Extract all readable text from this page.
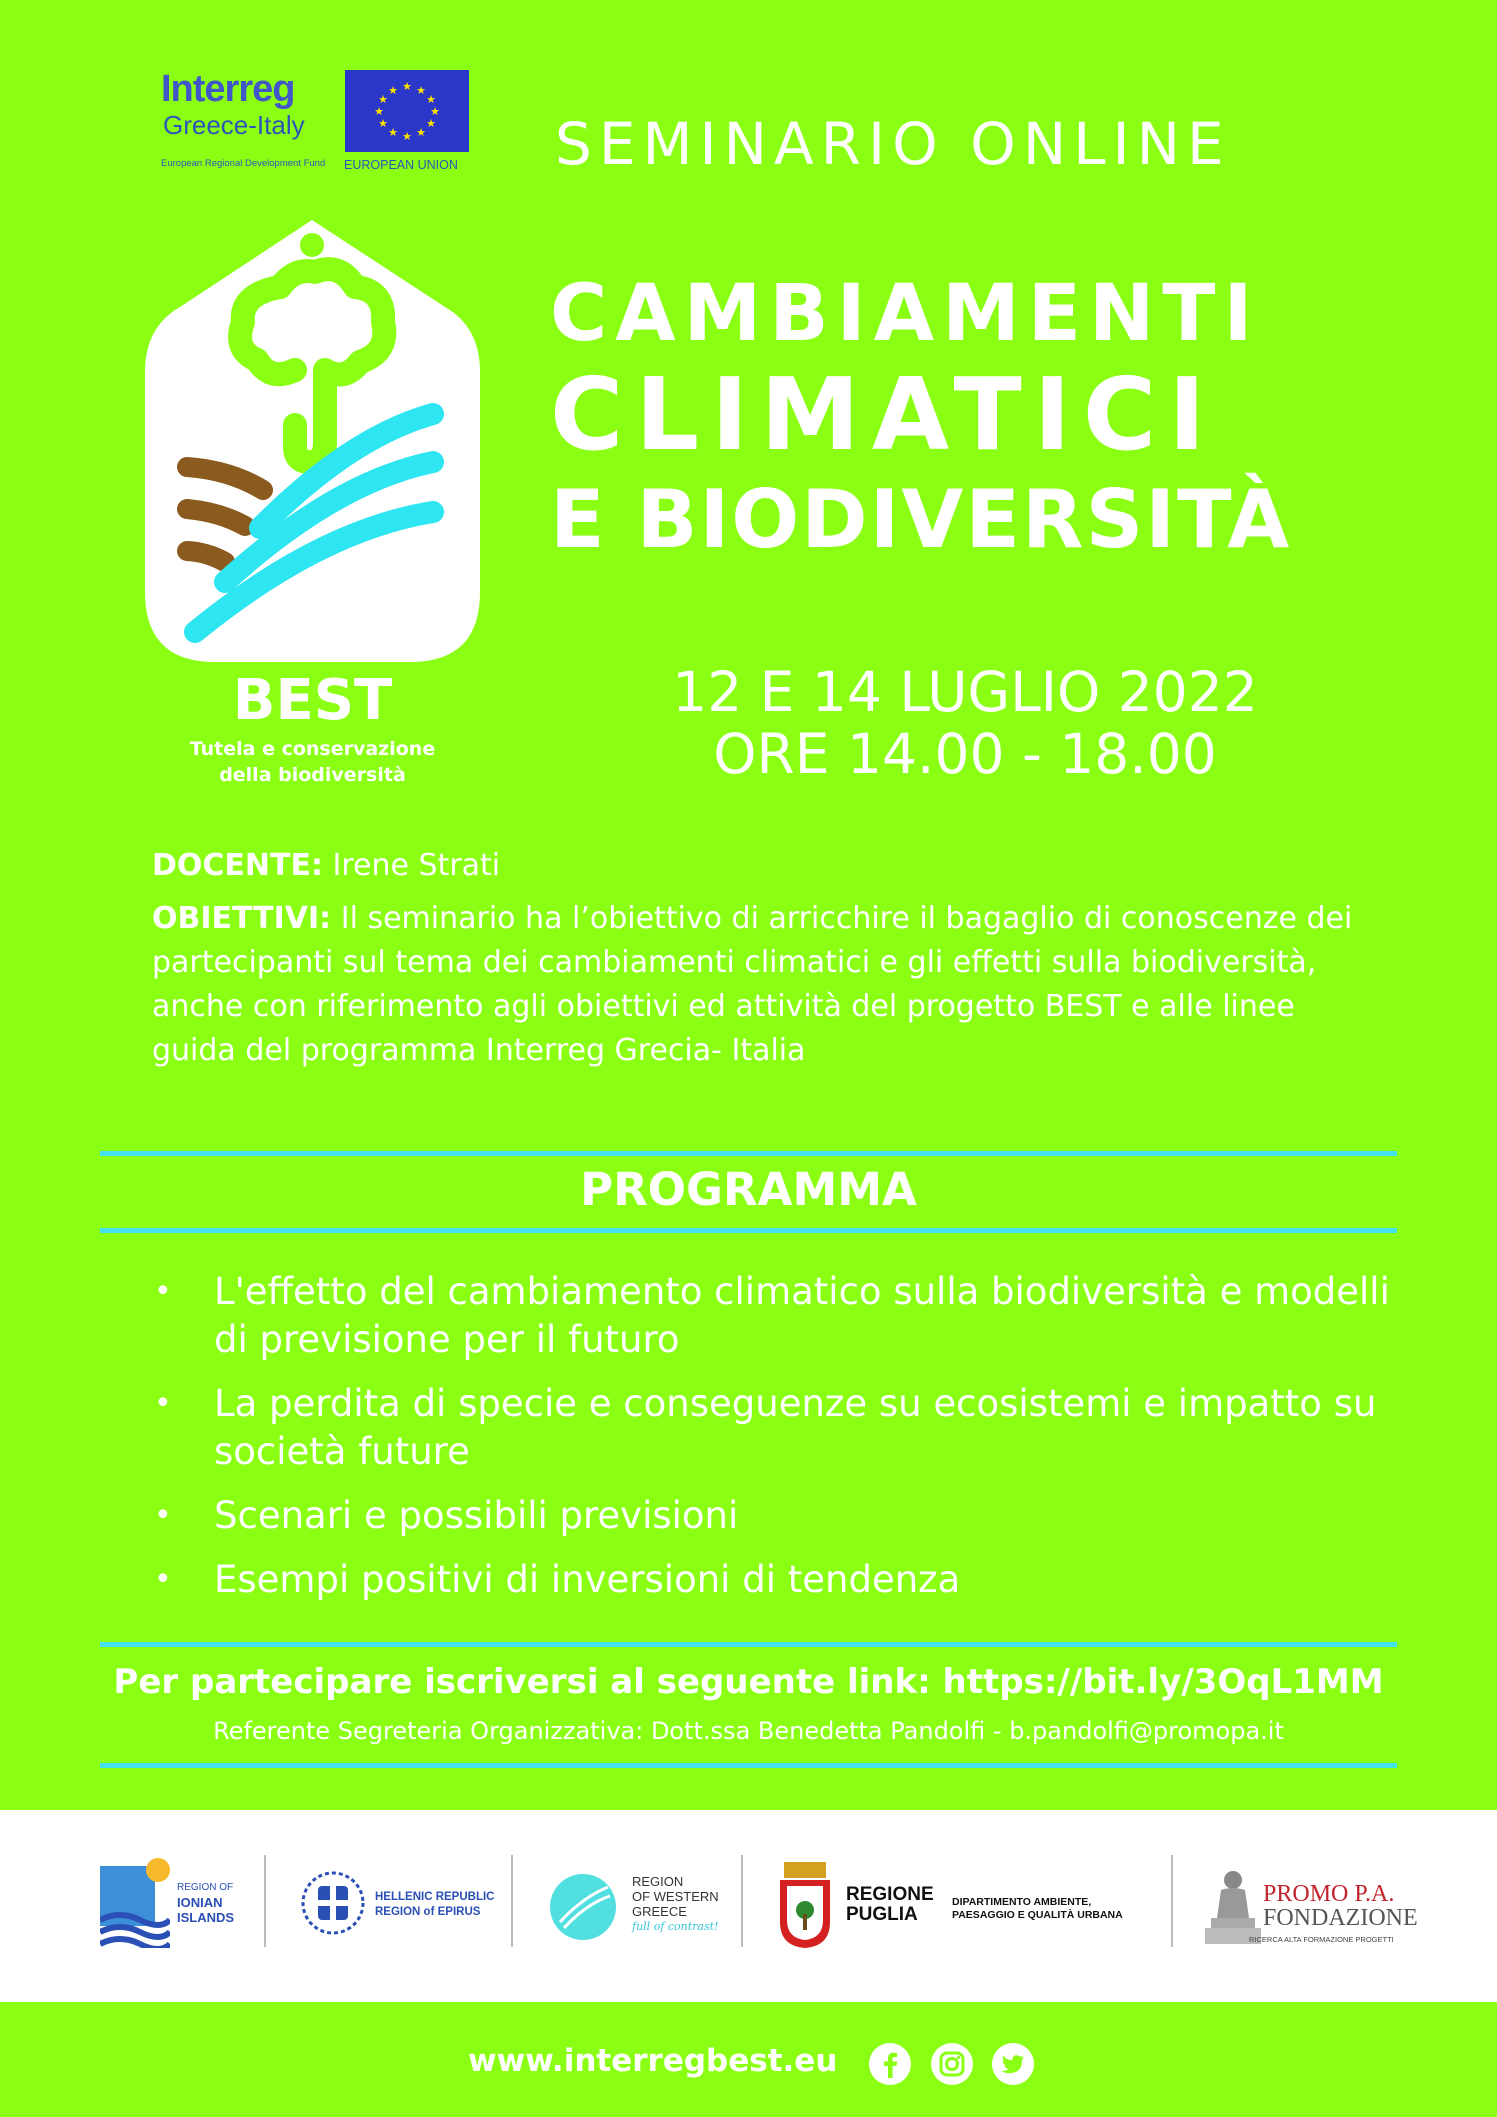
Interreg
Greece-Italy
European Regional Development Fund
★ ★
★
★
★
★
★
★
★
★
★
★
EUROPEAN UNION SEMINARIO ONLINE
BEST
Tutela e conservazione
della biodiversità
CAMBIAMENTI
CLIMATICI
E BIODIVERSITÀ
12 E 14 LUGLIO 2022
ORE 14.00 - 18.00
DOCENTE: Irene Strati
OBIETTIVI: Il seminario ha l’obiettivo di arricchire il bagaglio di conoscenze dei partecipanti sul tema dei cambiamenti climatici e gli effetti sulla biodiversità, anche con riferimento agli obiettivi ed attività del progetto BEST e alle linee guida del programma Interreg Grecia- Italia
PROGRAMMA
• L'effetto del cambiamento climatico sulla biodiversità e modelli di previsione per il futuro
• La perdita di specie e conseguenze su ecosistemi e impatto su società future
• Scenari e possibili previsioni
• Esempi positivi di inversioni di tendenza
Per partecipare iscriversi al seguente link: https://bit.ly/3OqL1MM
Referente Segreteria Organizzativa: Dott.ssa Benedetta Pandolfi - b.pandolfi@promopa.it
REGION OF
IONIAN
ISLANDS
HELLENIC REPUBLIC
REGION of EPIRUS
REGION
OF WESTERN
GREECE
full of contrast!
REGIONE
PUGLIA
DIPARTIMENTO AMBIENTE,
PAESAGGIO E QUALITÀ URBANA
PROMO P.A.
FONDAZIONE
RICERCA ALTA FORMAZIONE PROGETTI
www.interregbest.eu
